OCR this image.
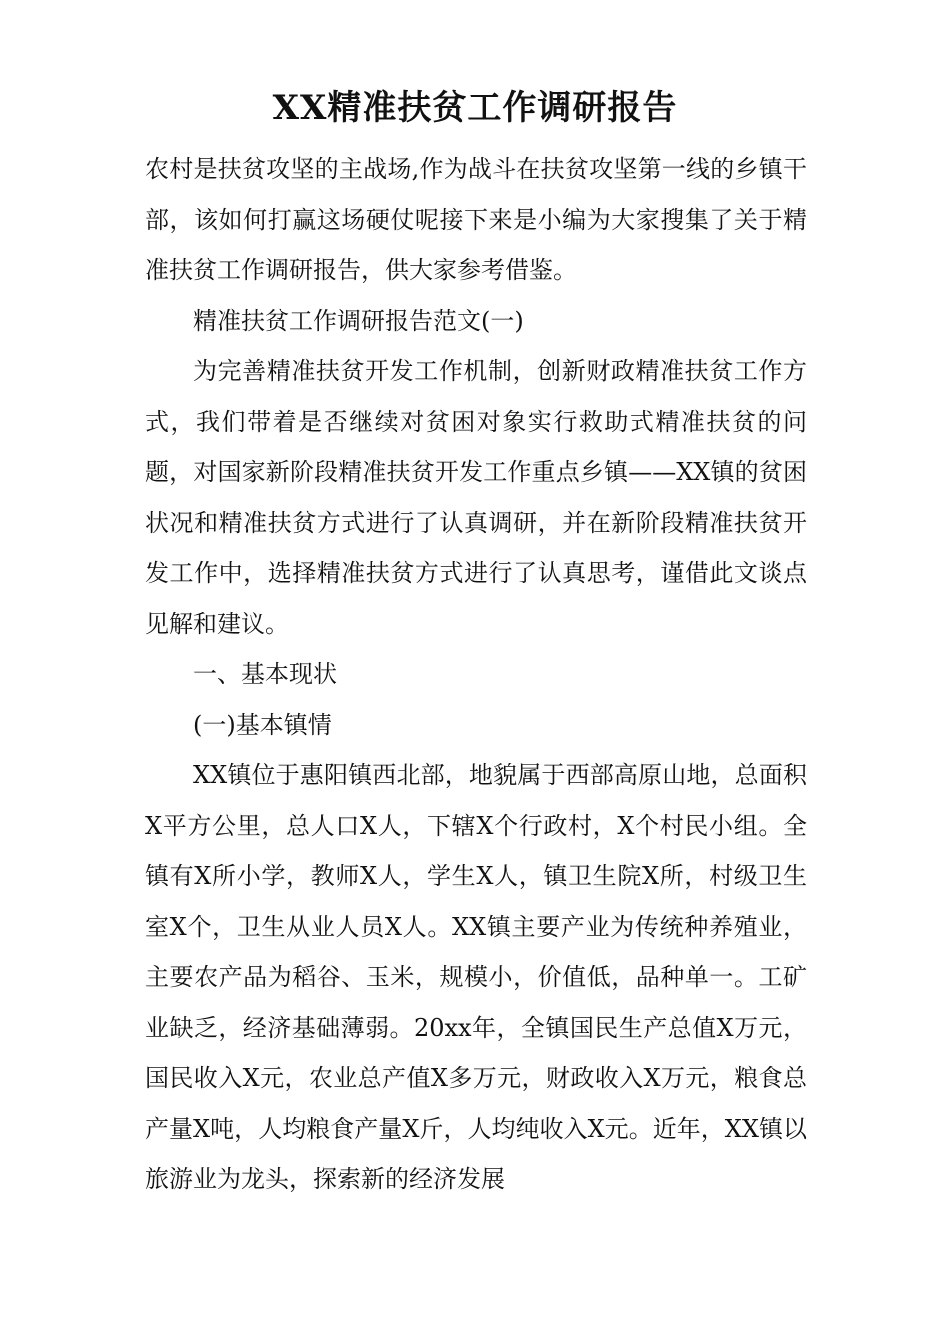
XX精准扶贫工作调研报告

农村是扶贫攻坚的主战场,作为战斗在扶贫攻坚第一线的乡镇干部，该如何打赢这场硬仗呢接下来是小编为大家搜集了关于精准扶贫工作调研报告，供大家参考借鉴。

精准扶贫工作调研报告范文(一)

为完善精准扶贫开发工作机制，创新财政精准扶贫工作方式，我们带着是否继续对贫困对象实行救助式精准扶贫的问题，对国家新阶段精准扶贫开发工作重点乡镇——XX镇的贫困状况和精准扶贫方式进行了认真调研，并在新阶段精准扶贫开发工作中，选择精准扶贫方式进行了认真思考，谨借此文谈点见解和建议。

一、基本现状

(一)基本镇情

XX镇位于惠阳镇西北部，地貌属于西部高原山地，总面积X平方公里，总人口X人，下辖X个行政村，X个村民小组。全镇有X所小学，教师X人，学生X人，镇卫生院X所，村级卫生室X个，卫生从业人员X人。XX镇主要产业为传统种养殖业，主要农产品为稻谷、玉米，规模小，价值低，品种单一。工矿业缺乏，经济基础薄弱。20xx年，全镇国民生产总值X万元，国民收入X元，农业总产值X多万元，财政收入X万元，粮食总产量X吨，人均粮食产量X斤，人均纯收入X元。近年，XX镇以旅游业为龙头，探索新的经济发展
